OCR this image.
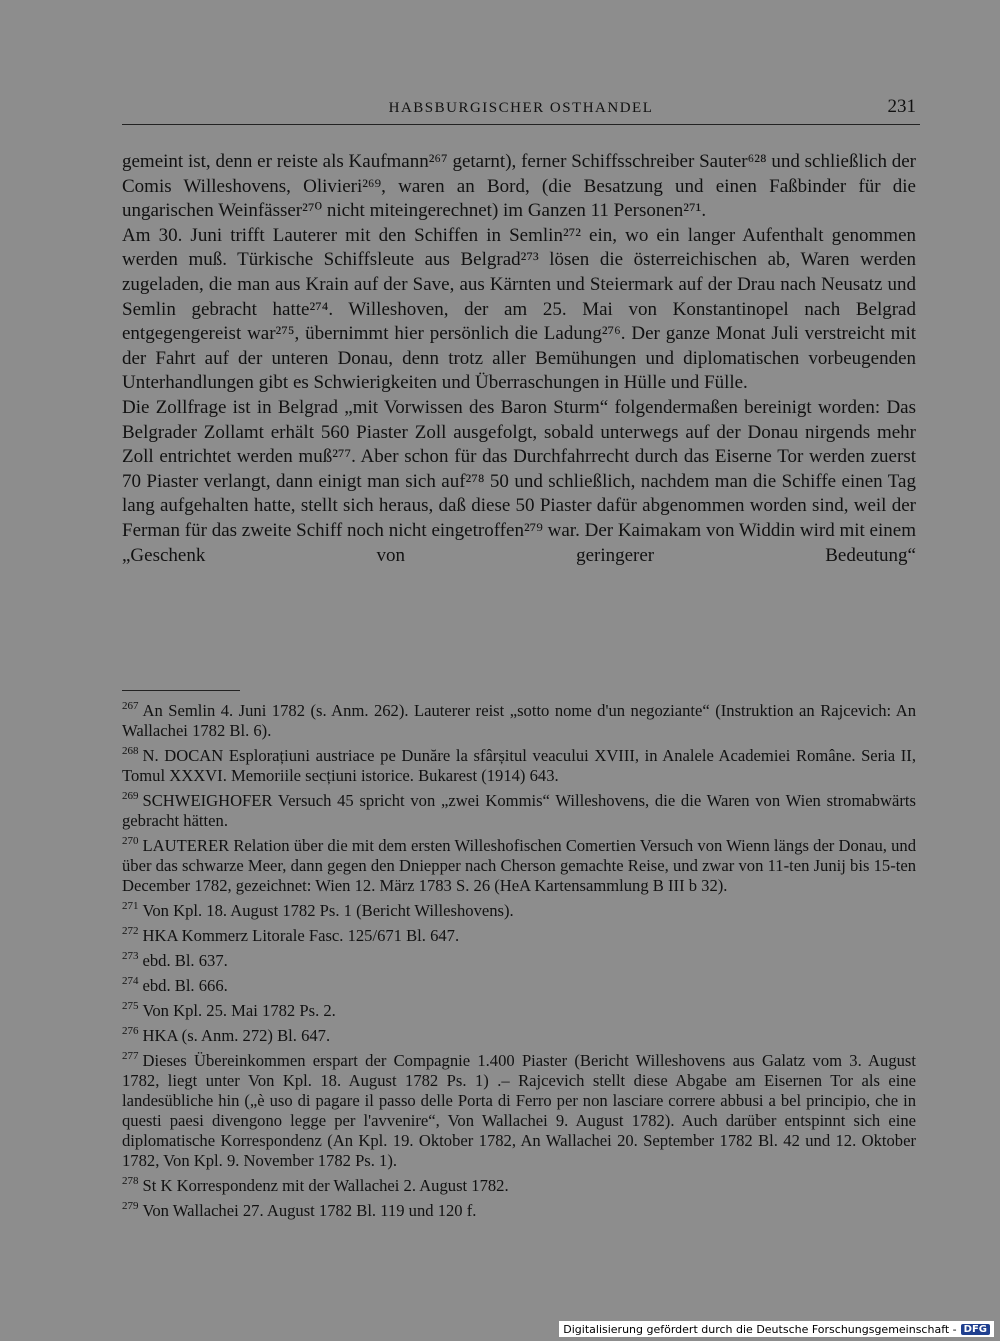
HABSBURGISCHER OSTHANDEL	231

gemeint ist, denn er reiste als Kaufmann²⁶⁷ getarnt), ferner Schiffsschreiber Sauter⁶²⁸ und schließlich der Comis Willeshovens, Olivieri²⁶⁹, waren an Bord, (die Besatzung und einen Faßbinder für die ungarischen Weinfässer²⁷⁰ nicht miteingerechnet) im Ganzen 11 Personen²⁷¹.

Am 30. Juni trifft Lauterer mit den Schiffen in Semlin²⁷² ein, wo ein langer Aufenthalt genommen werden muß. Türkische Schiffsleute aus Belgrad²⁷³ lösen die österreichischen ab, Waren werden zugeladen, die man aus Krain auf der Save, aus Kärnten und Steiermark auf der Drau nach Neusatz und Semlin gebracht hatte²⁷⁴. Willeshoven, der am 25. Mai von Konstantinopel nach Belgrad entgegengereist war²⁷⁵, übernimmt hier persönlich die Ladung²⁷⁶. Der ganze Monat Juli verstreicht mit der Fahrt auf der unteren Donau, denn trotz aller Bemühungen und diplomatischen vorbeugenden Unterhandlungen gibt es Schwierigkeiten und Überraschungen in Hülle und Fülle.

Die Zollfrage ist in Belgrad „mit Vorwissen des Baron Sturm“ folgendermaßen bereinigt worden: Das Belgrader Zollamt erhält 560 Piaster Zoll ausgefolgt, sobald unterwegs auf der Donau nirgends mehr Zoll entrichtet werden muß²⁷⁷. Aber schon für das Durchfahrrecht durch das Eiserne Tor werden zuerst 70 Piaster verlangt, dann einigt man sich auf²⁷⁸ 50 und schließlich, nachdem man die Schiffe einen Tag lang aufgehalten hatte, stellt sich heraus, daß diese 50 Piaster dafür abgenommen worden sind, weil der Ferman für das zweite Schiff noch nicht eingetroffen²⁷⁹ war. Der Kaimakam von Widdin wird mit einem „Geschenk von geringerer Bedeutung“

$^{267}$ An Semlin 4. Juni 1782 (s. Anm. 262). Lauterer reist „sotto nome d'un negoziante“ (Instruktion an Rajcevich: An Wallachei 1782 Bl. 6).

$^{268}$ N. DOCAN Esplorațiuni austriace pe Dunăre la sfârșitul veacului XVIII, in Analele Academiei Române. Seria II, Tomul XXXVI. Memoriile secțiuni istorice. Bukarest (1914) 643.

$^{269}$ SCHWEIGHOFER Versuch 45 spricht von „zwei Kommis“ Willeshovens, die die Waren von Wien stromabwärts gebracht hätten.

$^{270}$ LAUTERER Relation über die mit dem ersten Willeshofischen Comertien Versuch von Wienn längs der Donau, und über das schwarze Meer, dann gegen den Dniepper nach Cherson gemachte Reise, und zwar von 11-ten Junij bis 15-ten December 1782, gezeichnet: Wien 12. März 1783 S. 26 (HeA Kartensammlung B III b 32).

$^{271}$ Von Kpl. 18. August 1782 Ps. 1 (Bericht Willeshovens).

$^{272}$ HKA Kommerz Litorale Fasc. 125/671 Bl. 647.

$^{273}$ ebd. Bl. 637.

$^{274}$ ebd. Bl. 666.

$^{275}$ Von Kpl. 25. Mai 1782 Ps. 2.

$^{276}$ HKA (s. Anm. 272) Bl. 647.

$^{277}$ Dieses Übereinkommen erspart der Compagnie 1.400 Piaster (Bericht Willeshovens aus Galatz vom 3. August 1782, liegt unter Von Kpl. 18. August 1782 Ps. 1) .– Rajcevich stellt diese Abgabe am Eisernen Tor als eine landesübliche hin („è uso di pagare il passo delle Porta di Ferro per non lasciare correre abbusi a bel principio, che in questi paesi divengono legge per l'avvenire“, Von Wallachei 9. August 1782). Auch darüber entspinnt sich eine diplomatische Korrespondenz (An Kpl. 19. Oktober 1782, An Wallachei 20. September 1782 Bl. 42 und 12. Oktober 1782, Von Kpl. 9. November 1782 Ps. 1).

$^{278}$ St K Korrespondenz mit der Wallachei 2. August 1782.

$^{279}$ Von Wallachei 27. August 1782 Bl. 119 und 120 f.

Digitalisierung gefördert durch die Deutsche Forschungsgemeinschaft - DFG
